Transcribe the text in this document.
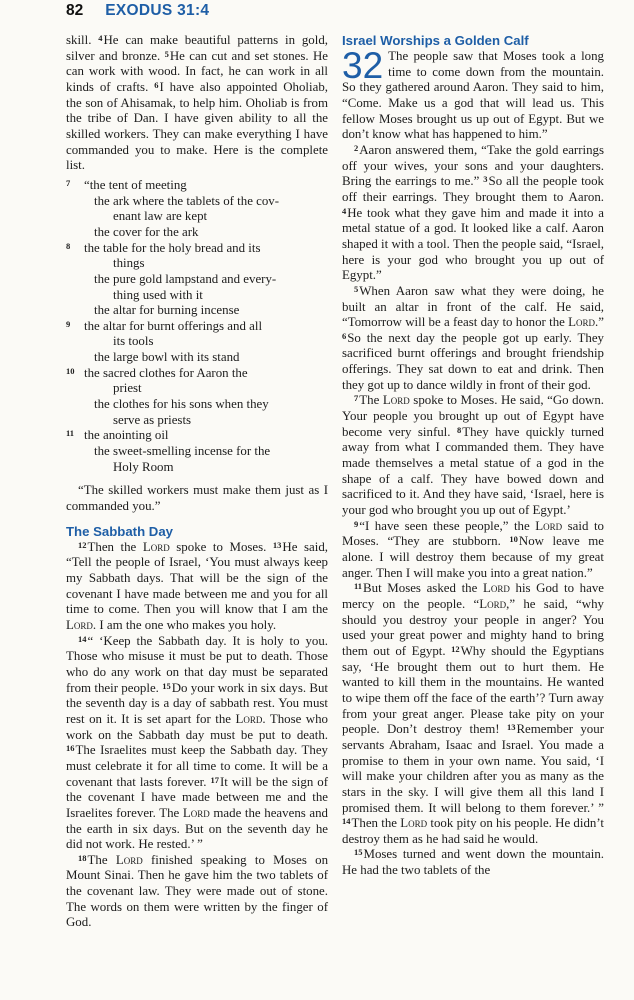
82 EXODUS 31:4

skill. $^4$He can make beautiful patterns in gold, silver and bronze. $^5$He can cut and set stones. He can work with wood. In fact, he can work in all kinds of crafts. $^6$I have also appointed Oholiab, the son of Ahisamak, to help him. Oholiab is from the tribe of Dan. I have given ability to all the skilled workers. They can make everything I have commanded you to make. Here is the complete list.

$^7$ “the tent of meeting

the ark where the tablets of the cov-

enant law are kept

the cover for the ark

$^8$ the table for the holy bread and its

things

the pure gold lampstand and every-

thing used with it

the altar for burning incense

$^9$ the altar for burnt offerings and all

its tools

the large bowl with its stand

$^{10}$ the sacred clothes for Aaron the

priest

the clothes for his sons when they

serve as priests

$^{11}$ the anointing oil

the sweet-smelling incense for the

Holy Room

“The skilled workers must make them just as I commanded you.”

The Sabbath Day

$^{12}$Then the Lord spoke to Moses. $^{13}$He said, “Tell the people of Israel, ‘You must always keep my Sabbath days. That will be the sign of the covenant I have made between me and you for all time to come. Then you will know that I am the Lord. I am the one who makes you holy.

$^{14}$“ ‘Keep the Sabbath day. It is holy to you. Those who misuse it must be put to death. Those who do any work on that day must be separated from their people. $^{15}$Do your work in six days. But the seventh day is a day of sabbath rest. You must rest on it. It is set apart for the Lord. Those who work on the Sabbath day must be put to death. $^{16}$The Israelites must keep the Sabbath day. They must celebrate it for all time to come. It will be a covenant that lasts forever. $^{17}$It will be the sign of the covenant I have made between me and the Israelites forever. The Lord made the heavens and the earth in six days. But on the seventh day he did not work. He rested.’ ”

$^{18}$The Lord finished speaking to Moses on Mount Sinai. Then he gave him the two tablets of the covenant law. They were made out of stone. The words on them were written by the finger of God.

Israel Worships a Golden Calf

32 The people saw that Moses took a long time to come down from the mountain. So they gathered around Aaron. They said to him, “Come. Make us a god that will lead us. This fellow Moses brought us up out of Egypt. But we don’t know what has happened to him.”

$^2$Aaron answered them, “Take the gold earrings off your wives, your sons and your daughters. Bring the earrings to me.” $^3$So all the people took off their earrings. They brought them to Aaron. $^4$He took what they gave him and made it into a metal statue of a god. It looked like a calf. Aaron shaped it with a tool. Then the people said, “Israel, here is your god who brought you up out of Egypt.”

$^5$When Aaron saw what they were doing, he built an altar in front of the calf. He said, “Tomorrow will be a feast day to honor the Lord.” $^6$So the next day the people got up early. They sacrificed burnt offerings and brought friendship offerings. They sat down to eat and drink. Then they got up to dance wildly in front of their god.

$^7$The Lord spoke to Moses. He said, “Go down. Your people you brought up out of Egypt have become very sinful. $^8$They have quickly turned away from what I commanded them. They have made themselves a metal statue of a god in the shape of a calf. They have bowed down and sacrificed to it. And they have said, ‘Israel, here is your god who brought you up out of Egypt.’

$^9$“I have seen these people,” the Lord said to Moses. “They are stubborn. $^{10}$Now leave me alone. I will destroy them because of my great anger. Then I will make you into a great nation.”

$^{11}$But Moses asked the Lord his God to have mercy on the people. “Lord,” he said, “why should you destroy your people in anger? You used your great power and mighty hand to bring them out of Egypt. $^{12}$Why should the Egyptians say, ‘He brought them out to hurt them. He wanted to kill them in the mountains. He wanted to wipe them off the face of the earth’? Turn away from your great anger. Please take pity on your people. Don’t destroy them! $^{13}$Remember your servants Abraham, Isaac and Israel. You made a promise to them in your own name. You said, ‘I will make your children after you as many as the stars in the sky. I will give them all this land I promised them. It will belong to them forever.’ ” $^{14}$Then the Lord took pity on his people. He didn’t destroy them as he had said he would.

$^{15}$Moses turned and went down the mountain. He had the two tablets of the
